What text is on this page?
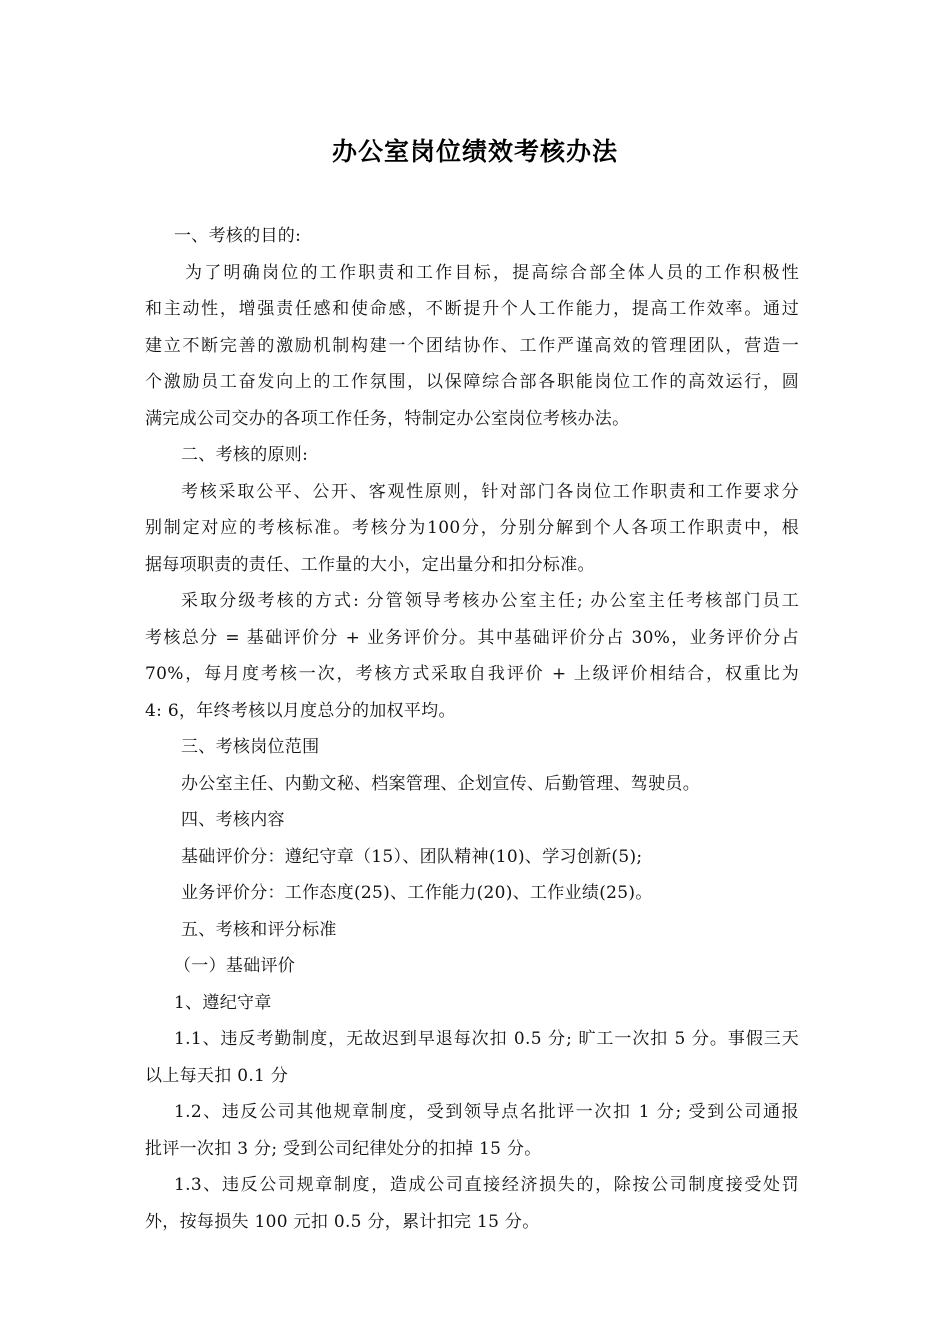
办公室岗位绩效考核办法
一、考核的目的:
为了明确岗位的工作职责和工作目标，提高综合部全体人员的工作积极性
和主动性，增强责任感和使命感，不断提升个人工作能力，提高工作效率。通过
建立不断完善的激励机制构建一个团结协作、工作严谨高效的管理团队，营造一
个激励员工奋发向上的工作氛围，以保障综合部各职能岗位工作的高效运行，圆
满完成公司交办的各项工作任务，特制定办公室岗位考核办法。
二、考核的原则:
考核采取公平、公开、客观性原则，针对部门各岗位工作职责和工作要求分
别制定对应的考核标准。考核分为100分，分别分解到个人各项工作职责中，根
据每项职责的责任、工作量的大小，定出量分和扣分标准。
采取分级考核的方式: 分管领导考核办公室主任; 办公室主任考核部门员工
考核总分 = 基础评价分 + 业务评价分。其中基础评价分占 30%，业务评价分占
70%，每月度考核一次，考核方式采取自我评价 + 上级评价相结合，权重比为
4: 6，年终考核以月度总分的加权平均。
三、考核岗位范围
办公室主任、内勤文秘、档案管理、企划宣传、后勤管理、驾驶员。
四、考核内容
基础评价分：遵纪守章（15）、团队精神(10)、学习创新(5);
业务评价分：工作态度(25)、工作能力(20)、工作业绩(25)。
五、考核和评分标准
（一）基础评价
1、遵纪守章
1.1、违反考勤制度，无故迟到早退每次扣 0.5 分; 旷工一次扣 5 分。事假三天
以上每天扣 0.1 分
1.2、违反公司其他规章制度，受到领导点名批评一次扣 1 分; 受到公司通报
批评一次扣 3 分; 受到公司纪律处分的扣掉 15 分。
1.3、违反公司规章制度，造成公司直接经济损失的，除按公司制度接受处罚
外，按每损失 100 元扣 0.5 分，累计扣完 15 分。
